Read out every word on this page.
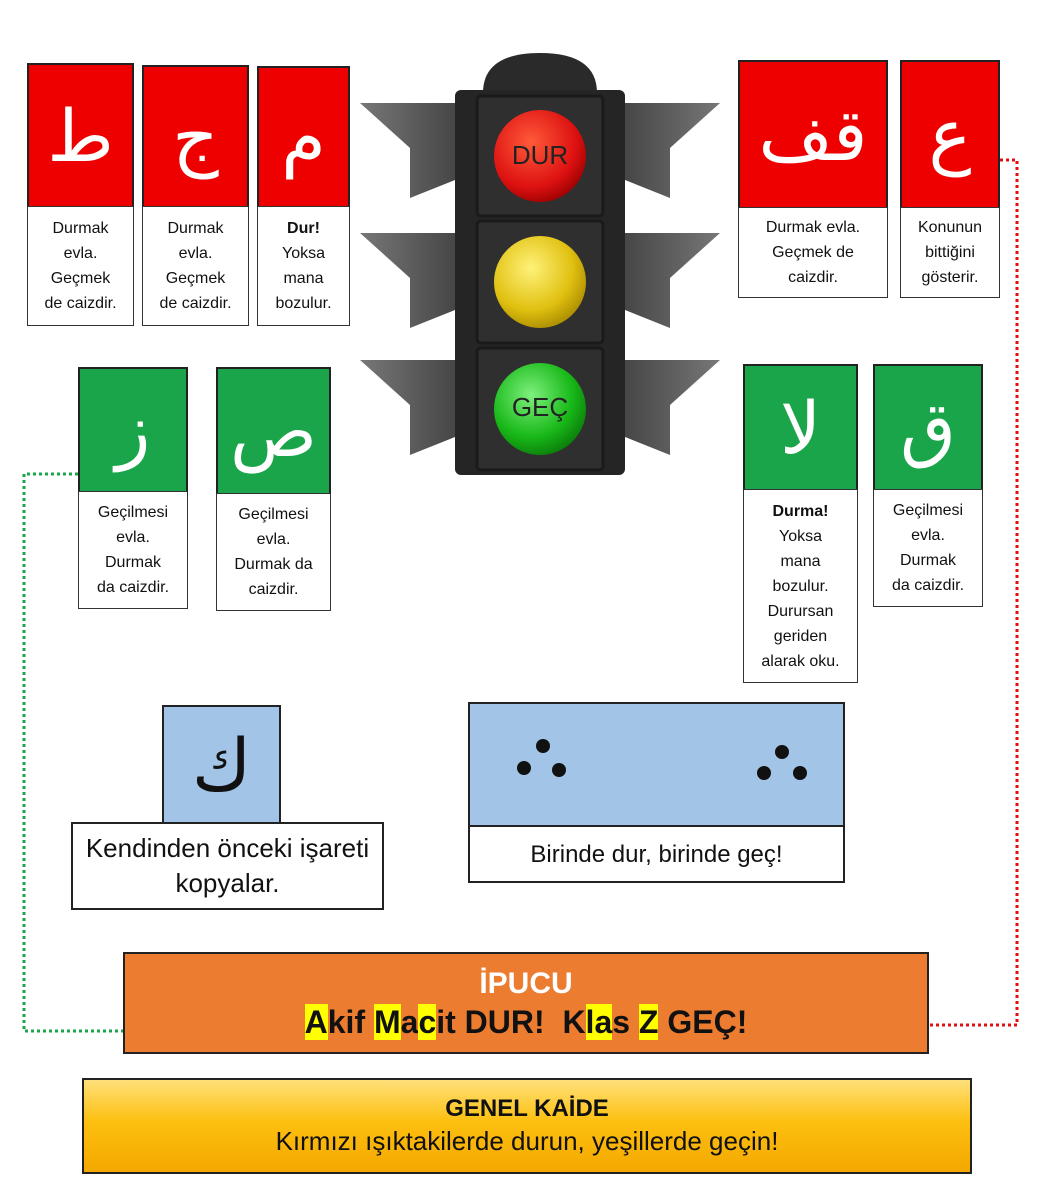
DUR
GEÇ
ط
Durmak
evla.
Geçmek
de caizdir.
ج
Durmak
evla.
Geçmek
de caizdir.
م
Dur!
Yoksa
mana
bozulur.
قف
Durmak evla.
Geçmek de
caizdir.
ع
Konunun
bittiğini
gösterir.
ز
Geçilmesi
evla.
Durmak
da caizdir.
ص
Geçilmesi
evla.
Durmak da
caizdir.
لا
Durma!
Yoksa
mana
bozulur.
Durursan
geriden
alarak oku.
ق
Geçilmesi
evla.
Durmak
da caizdir.
ك
Kendinden önceki işareti
kopyalar.
Birinde dur, birinde geç!
İPUCU
Akif Macit DUR!  Klas Z GEÇ!
GENEL KAİDE
Kırmızı ışıktakilerde durun, yeşillerde geçin!
